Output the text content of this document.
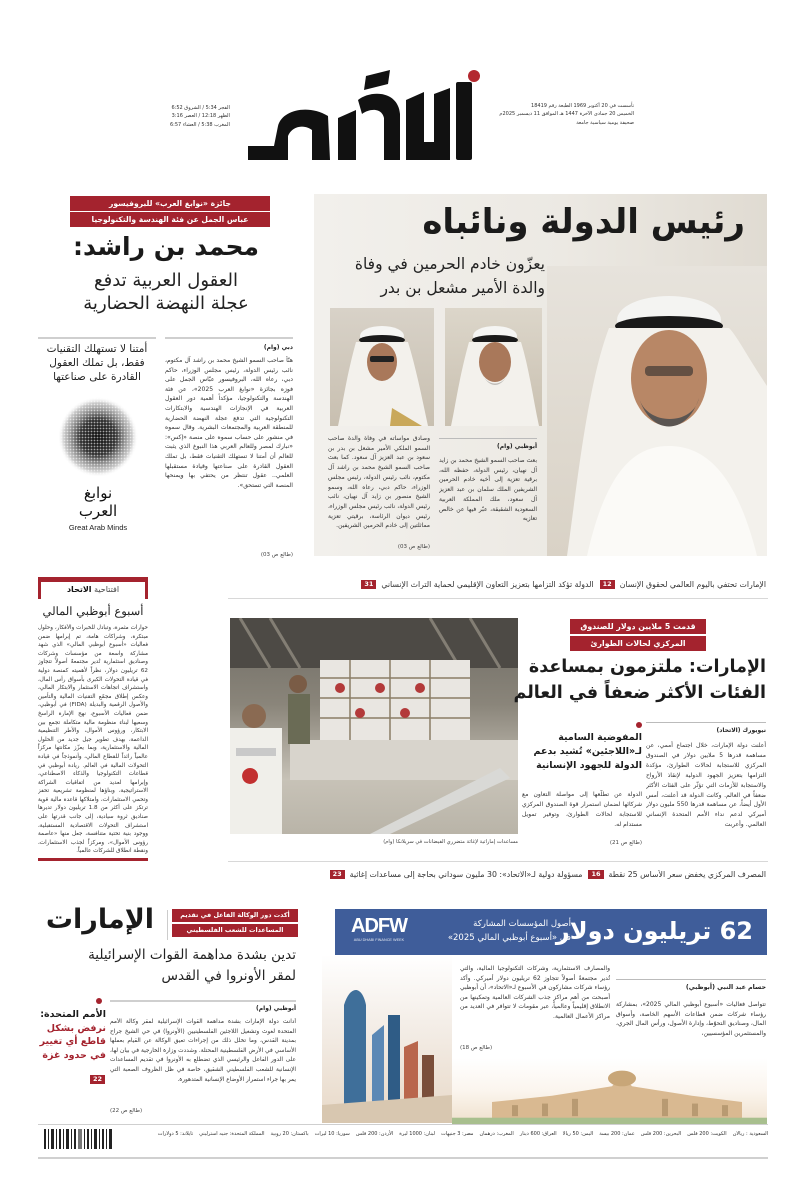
تأسست في 20 أكتوبر 1969 الطبعة رقم 18419
الخميس 20 جمادى الآخرة 1447 هـ الموافق 11 ديسمبر 2025م
صحيفة يومية سياسية جامعة
الفجر 5:34 / الشروق 6:52
الظهر 12:18 / العصر 3:16
المغرب 5:38 / العشاء 6:57
جائزة «نوابغ العرب» للبروفيسور
عباس الجمل عن فئة الهندسة والتكنولوجيا
محمد بن راشد:
العقول العربية تدفع
عجلة النهضة الحضارية
دبي (وام)
هنّأ صاحب السمو الشيخ محمد بن راشد آل مكتوم، نائب رئيس الدولة، رئيس مجلس الوزراء، حاكم دبي، رعاه الله، البروفيسور عبّاس الجمل على فوزه بجائزة «نوابغ العرب 2025»، عن فئة الهندسة والتكنولوجيا، مؤكداً أهمية دور العقول العربية في الإنجازات الهندسية والابتكارات التكنولوجية التي تدفع عجلة النهضة الحضارية للمنطقة العربية والمجتمعات البشرية. وقال سموه في منشور على حساب سموه على منصة «إكس»: «نبارك لمصر وللعالم العربي هذا النبوغ الذي يثبت للعالم أن أمتنا لا تستهلك التقنيات فقط، بل تملك العقول القادرة على صناعتها وقيادة مستقبلها العلمي.. عقول تنتظر من يحتفي بها ويمنحها المنصة التي تستحق».
(طالع ص 03)
أمتنا لا تستهلك التقنيات
فقط، بل تملك العقول
القادرة على صناعتها
نوابغ
العرب
Great Arab Minds
رئيس الدولة ونائباه
يعزّون خادم الحرمين في وفاة
والدة الأمير مشعل بن بدر
أبوظبي (وام)
بعث صاحب السمو الشيخ محمد بن زايد آل نهيان، رئيس الدولة، حفظه الله، برقية تعزية إلى أخيه خادم الحرمين الشريفين الملك سلمان بن عبد العزيز آل سعود، ملك المملكة العربية السعودية الشقيقة، عبّر فيها عن خالص تعازيه
وصادق مواساته في وفاة والدة صاحب السمو الملكي الأمير مشعل بن بدر بن سعود بن عبد العزيز آل سعود. كما بعث صاحب السمو الشيخ محمد بن راشد آل مكتوم، نائب رئيس الدولة، رئيس مجلس الوزراء، حاكم دبي، رعاه الله، وسمو الشيخ منصور بن زايد آل نهيان، نائب رئيس الدولة، نائب رئيس مجلس الوزراء، رئيس ديوان الرئاسة، برقيتي تعزية مماثلتين إلى خادم الحرمين الشريفين.
(طالع ص 03)
الإمارات تحتفي باليوم العالمي لحقوق الإنسان
12
الدولة تؤكد التزامها بتعزيز التعاون الإقليمي لحماية التراث الإنساني
31
افتتاحية الاتحاد
أسبوع أبوظبي المالي
حوارات مثمرة، وتبادل للخبرات والأفكار، وحلول مبتكرة، وشراكات هامة، تم إبرامها ضمن فعاليات «أسبوع أبوظبي المالي» الذي شهد مشاركة واسعة من مؤسسات وشركات وصناديق استثمارية تُدير مجتمعةً أصولاً تتجاوز 62 تريليون دولار، نظراً لأهميته كمنصة دولية في قيادة التحولات الكبرى بأسواق رأس المال، واستشراف اتجاهات الاستثمار والابتكار المالي، وعكس إطلاق مجمّع التقنيات المالية والتأمين والأصول الرقمية والبديلة (FIDA) في أبوظبي، ضمن فعاليات الأسبوع، نهج الإمارة الراسخ وسعيها لبناء منظومة مالية متكاملة تجمع بين الابتكار، ورؤوس الأموال، والأطر التنظيمية الداعمة، بهدف تطوير جيل جديد من الحلول المالية والاستثمارية، وبما يعزّز مكانتها مركزاً عالمياً رائداً للقطاع المالي، وأنموذجاً في قيادة التحولات المالية في العالم. ريادة أبوظبي في قطاعات التكنولوجيا والذكاء الاصطناعي، وإبرامها لعديد من اتفاقيات الشراكة الاستراتيجية، وبناؤها لمنظومة تشريعية تحفز وتحمي الاستثمارات، وامتلاكها قاعدة مالية قوية ترتكز على أكثر من 1.8 تريليون دولار تديرها صناديق ثروة سيادية، إلى جانب قدرتها على استشراف التحولات الاقتصادية المستقبلية، ووجود بنية تحتية متنافسة، جعل منها «عاصمة رؤوس الأموال»، ومركزاً لجذب الاستثمارات، ونقطة انطلاق للشركات عالمياً.
مساعدات إماراتية لإغاثة متضرري الفيضانات في سريلانكا (وام)
قدمت 5 ملايين دولار للصندوق
المركزي لحالات الطوارئ
الإمارات: ملتزمون بمساعدة
الفئات الأكثر ضعفاً في العالم
نيويورك (الاتحاد)
أعلنت دولة الإمارات، خلال اجتماع أممي، عن مساهمة قدرها 5 ملايين دولار في الصندوق المركزي للاستجابة لحالات الطوارئ، مؤكدة التزامها بتعزيز الجهود الدولية لإنقاذ الأرواح والاستجابة للأزمات التي تؤثّر على الفئات الأكثر ضعفاً في العالم. وكانت الدولة قد أعلنت، أمس الأول أيضاً، عن مساهمة قدرها 550 مليون دولار أميركي لدعم نداء الأمم المتحدة الإنساني العالمي. وأعربت
المفوضية السامية
لـ«اللاجئين» تُشيد بدعم
الدولة للجهود الإنسانية
الدولة عن تطلّعها إلى مواصلة التعاون مع شركائها لضمان استمرار قوة الصندوق المركزي للاستجابة لحالات الطوارئ، وتوفير تمويل مستدام له.
(طالع ص 21)
المصرف المركزي يخفض سعر الأساس 25 نقطة
16
مسؤولة دولية لـ«الاتحاد»: 30 مليون سوداني بحاجة إلى مساعدات إغاثية
23
الإمارات	أكدت دور الوكالة الفاعل في تقديم
المساعدات للشعب الفلسطيني
تدين بشدة مداهمة القوات الإسرائيلية
لمقر الأونروا في القدس
أبوظبي (وام)
أدانت دولة الإمارات بشدة مداهمة القوات الإسرائيلية لمقر وكالة الأمم المتحدة لغوث وتشغيل اللاجئين الفلسطينيين (الأونروا) في حي الشيخ جراح بمدينة القدس، وما تخلل ذلك من إجراءات تعيق الوكالة عن القيام بعملها الأساسي في الأرض الفلسطينية المحتلة. وشددت وزارة الخارجية في بيان لها، على الدور الفاعل والرئيسي الذي تضطلع به الأونروا في تقديم المساعدات الإنسانية للشعب الفلسطيني الشقيق، خاصة في ظل الظروف الصعبة التي يمر بها جراء استمرار الأوضاع الإنسانية المتدهورة.
(طالع ص 22)
الأمم المتحدة:
نرفض بشكل
قاطع أي تغيير
في حدود غزة
22
62 تريليون دولار
أصول المؤسسات المشاركة
في «أسبوع أبوظبي المالي 2025»
ADFW
ABU DHABI FINANCE WEEK
حسام عبد النبي (أبوظبي)
تتواصل فعاليات «أسبوع أبوظبي المالي 2025»، بمشاركة رؤساء شركات ضمن قطاعات الأسهم الخاصة، وأسواق المال، وصناديق التحوّط، وإدارة الأصول، ورأس المال الجري، والمستثمرين المؤسسيين،
والمصارف الاستثمارية، وشركات التكنولوجيا المالية، والتي تُدير مجتمعةً أصولاً تتجاوز 62 تريليون دولار أميركي. وأكد رؤساء شركات مشاركون في الأسبوع لـ«الاتحاد»، أن أبوظبي أصبحت من أهم مراكز جذب الشركات العالمية وتمكينها من الانطلاق إقليمياً وعالمياً، عبر مقومات لا تتوافر في العديد من مراكز الأعمال العالمية.
(طالع ص 18)
السعودية : ريالان
الكويت: 200 فلس
البحرين: 200 فلس
عمان: 200 بيسة
اليمن: 50 ريالا
العراق: 600 دينار
المغرب: درهمان
مصر: 3 جنيهات
لبنان: 1000 ليرة
الأردن: 200 فلس
سوريا: 10 ليرات
باكستان: 20 روبية
المملكة المتحدة: جنيه استرليني
تايلاند: 5 دولارات
